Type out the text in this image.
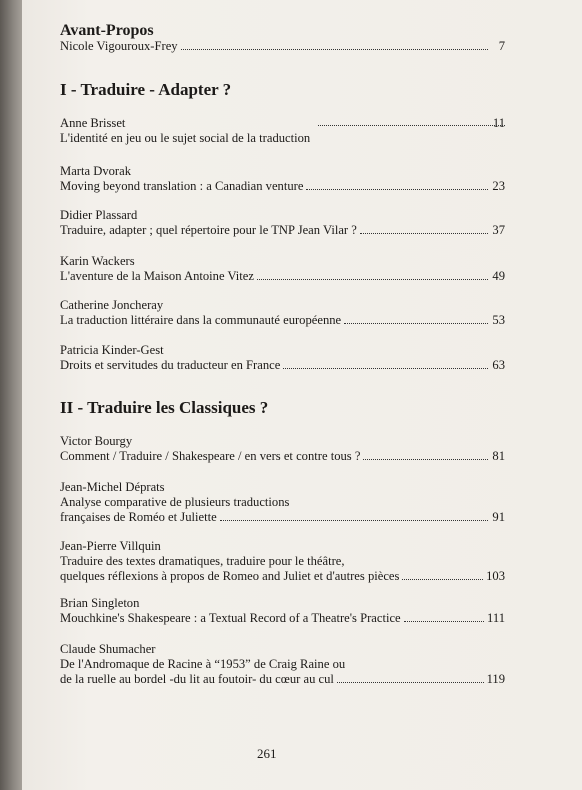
Avant-Propos
Nicole Vigouroux-Frey	7
I - Traduire - Adapter ?
Anne Brisset	11
L'identité en jeu ou le sujet social de la traduction
Marta Dvorak
Moving beyond translation : a Canadian venture	23
Didier Plassard
Traduire, adapter ; quel répertoire pour le TNP Jean Vilar ?	37
Karin Wackers
L'aventure de la Maison Antoine Vitez	49
Catherine Joncheray
La traduction littéraire dans la communauté européenne	53
Patricia Kinder-Gest
Droits et servitudes du traducteur en France	63
II - Traduire les Classiques ?
Victor Bourgy
Comment / Traduire / Shakespeare / en vers et contre tous ?	81
Jean-Michel Déprats
Analyse comparative de plusieurs traductions
françaises de Roméo et Juliette	91
Jean-Pierre Villquin
Traduire des textes dramatiques, traduire pour le théâtre,
quelques réflexions à propos de Romeo and Juliet et d'autres pièces	103
Brian Singleton
Mouchkine's Shakespeare : a Textual Record of a Theatre's Practice	111
Claude Shumacher
De l'Andromaque de Racine à “1953” de Craig Raine ou
de la ruelle au bordel -du lit au foutoir- du cœur au cul	119
261
